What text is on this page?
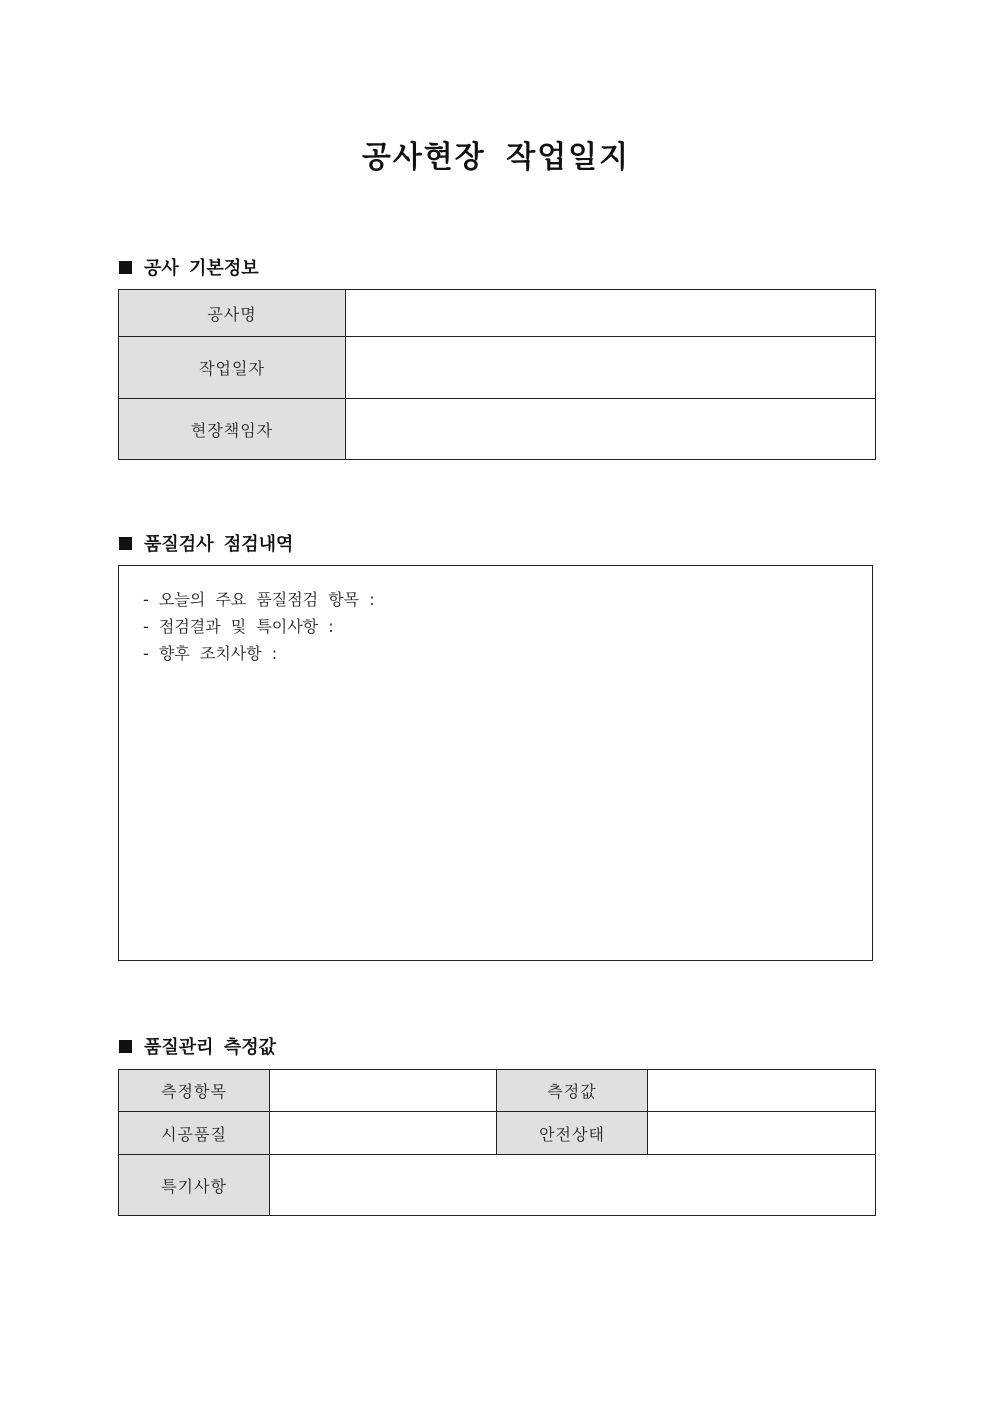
공사현장 작업일지
공사 기본정보
공사명	
작업일자	
현장책임자	
품질검사 점검내역
- 오늘의 주요 품질점검 항목 :
- 점검결과 및 특이사항 :
- 향후 조치사항 :
품질관리 측정값
측정항목		측정값	
시공품질		안전상태	
특기사항			
